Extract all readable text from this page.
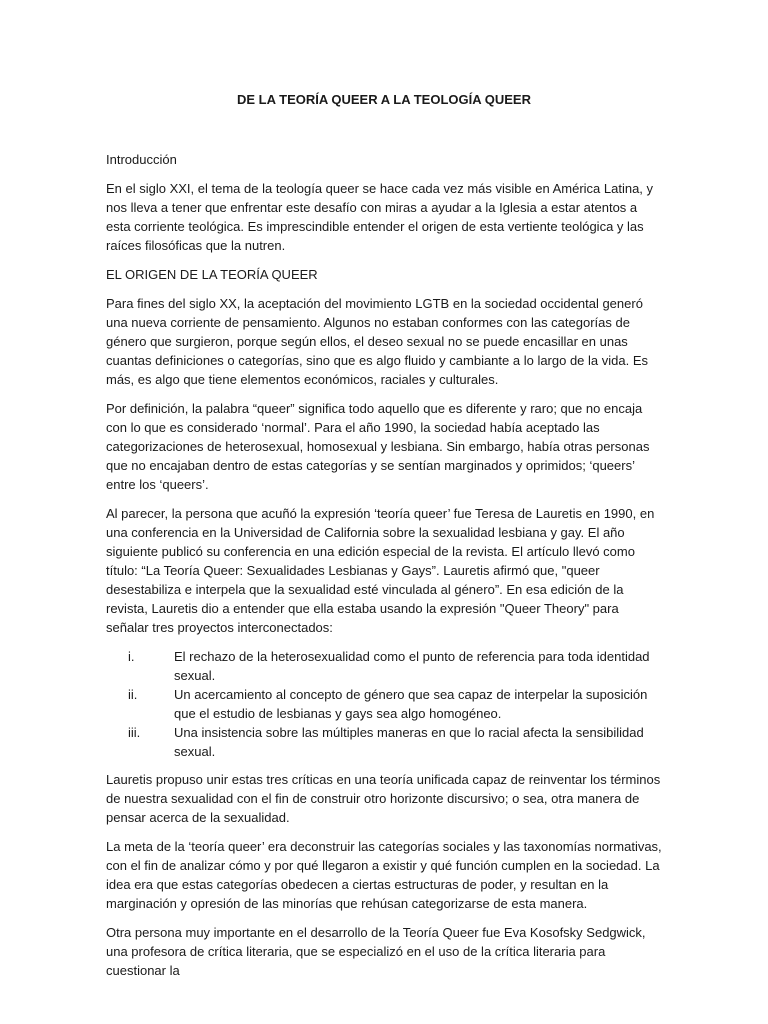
DE LA TEORÍA QUEER A LA TEOLOGÍA QUEER

Introducción

En el siglo XXI, el tema de la teología queer se hace cada vez más visible en América Latina, y nos lleva a tener que enfrentar este desafío con miras a ayudar a la Iglesia a estar atentos a esta corriente teológica. Es imprescindible entender el origen de esta vertiente teológica y las raíces filosóficas que la nutren.

EL ORIGEN DE LA TEORÍA QUEER

Para fines del siglo XX, la aceptación del movimiento LGTB en la sociedad occidental generó una nueva corriente de pensamiento. Algunos no estaban conformes con las categorías de género que surgieron, porque según ellos, el deseo sexual no se puede encasillar en unas cuantas definiciones o categorías, sino que es algo fluido y cambiante a lo largo de la vida. Es más, es algo que tiene elementos económicos, raciales y culturales.

Por definición, la palabra “queer” significa todo aquello que es diferente y raro; que no encaja con lo que es considerado ‘normal’. Para el año 1990, la sociedad había aceptado las categorizaciones de heterosexual, homosexual y lesbiana. Sin embargo, había otras personas que no encajaban dentro de estas categorías y se sentían marginados y oprimidos; ‘queers’ entre los ‘queers’.

Al parecer, la persona que acuñó la expresión ‘teoría queer’ fue Teresa de Lauretis en 1990, en una conferencia en la Universidad de California sobre la sexualidad lesbiana y gay. El año siguiente publicó su conferencia en una edición especial de la revista. El artículo llevó como título: “La Teoría Queer: Sexualidades Lesbianas y Gays”. Lauretis afirmó que, "queer desestabiliza e interpela que la sexualidad esté vinculada al género”. En esa edición de la revista, Lauretis dio a entender que ella estaba usando la expresión "Queer Theory" para señalar tres proyectos interconectados:

i.	El rechazo de la heterosexualidad como el punto de referencia para toda identidad sexual.
ii.	Un acercamiento al concepto de género que sea capaz de interpelar la suposición que el estudio de lesbianas y gays sea algo homogéneo.
iii.	Una insistencia sobre las múltiples maneras en que lo racial afecta la sensibilidad sexual.

Lauretis propuso unir estas tres críticas en una teoría unificada capaz de reinventar los términos de nuestra sexualidad con el fin de construir otro horizonte discursivo; o sea, otra manera de pensar acerca de la sexualidad.

La meta de la ‘teoría queer’ era deconstruir las categorías sociales y las taxonomías normativas, con el fin de analizar cómo y por qué llegaron a existir y qué función cumplen en la sociedad. La idea era que estas categorías obedecen a ciertas estructuras de poder, y resultan en la marginación y opresión de las minorías que rehúsan categorizarse de esta manera.

Otra persona muy importante en el desarrollo de la Teoría Queer fue Eva Kosofsky Sedgwick, una profesora de crítica literaria, que se especializó en el uso de la crítica literaria para cuestionar la
